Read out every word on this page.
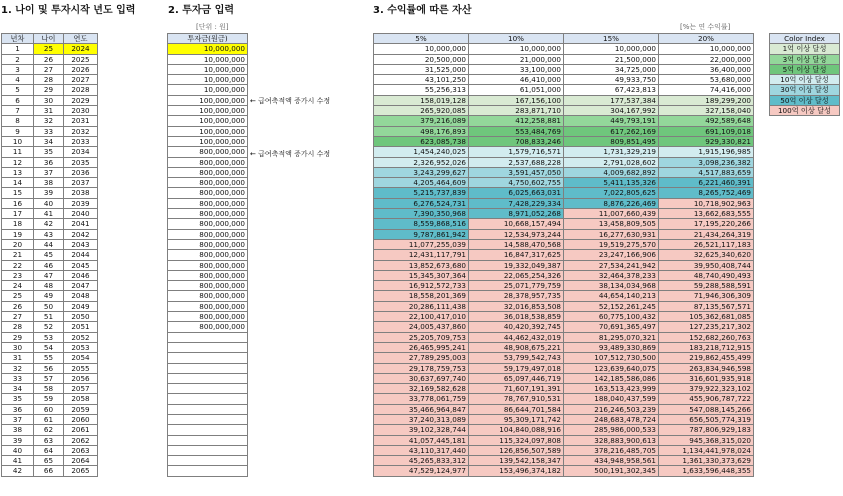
1. 나이 및 투자시작 년도 입력	2. 투자금 입력	3. 수익률에 따른 자산
[단위 : 원]	[%는 연 수익률]
년차	나이	연도
1	25	2024
2	26	2025
3	27	2026
4	28	2027
5	29	2028
6	30	2029
7	31	2030
8	32	2031
9	33	2032
10	34	2033
11	35	2034
12	36	2035
13	37	2036
14	38	2037
15	39	2038
16	40	2039
17	41	2040
18	42	2041
19	43	2042
20	44	2043
21	45	2044
22	46	2045
23	47	2046
24	48	2047
25	49	2048
26	50	2049
27	51	2050
28	52	2051
29	53	2052
30	54	2053
31	55	2054
32	56	2055
33	57	2056
34	58	2057
35	59	2058
36	60	2059
37	61	2060
38	62	2061
39	63	2062
40	64	2063
41	65	2064
42	66	2065
투자금(원금)
10,000,000
10,000,000
10,000,000
10,000,000
10,000,000
100,000,000
100,000,000
100,000,000
100,000,000
100,000,000
800,000,000
800,000,000
800,000,000
800,000,000
800,000,000
800,000,000
800,000,000
800,000,000
800,000,000
800,000,000
800,000,000
800,000,000
800,000,000
800,000,000
800,000,000
800,000,000
800,000,000
800,000,000

← 급여축적액 증가시 수정
← 급여축적액 증가시 수정
5%	10%	15%	20%
10,000,000	10,000,000	10,000,000	10,000,000
20,500,000	21,000,000	21,500,000	22,000,000
31,525,000	33,100,000	34,725,000	36,400,000
43,101,250	46,410,000	49,933,750	53,680,000
55,256,313	61,051,000	67,423,813	74,416,000
158,019,128	167,156,100	177,537,384	189,299,200
265,920,085	283,871,710	304,167,992	327,158,040
379,216,089	412,258,881	449,793,191	492,589,648
498,176,893	553,484,769	617,262,169	691,109,018
623,085,738	708,833,246	809,851,495	929,330,821
1,454,240,025	1,579,716,571	1,731,329,219	1,915,196,985
2,326,952,026	2,537,688,228	2,791,028,602	3,098,236,382
3,243,299,627	3,591,457,050	4,009,682,892	4,517,883,659
4,205,464,609	4,750,602,755	5,411,135,326	6,221,460,391
5,215,737,839	6,025,663,031	7,022,805,625	8,265,752,469
6,276,524,731	7,428,229,334	8,876,226,469	10,718,902,963
7,390,350,968	8,971,052,268	11,007,660,439	13,662,683,555
8,559,868,516	10,668,157,494	13,458,809,505	17,195,220,266
9,787,861,942	12,534,973,244	16,277,630,931	21,434,264,319
11,077,255,039	14,588,470,568	19,519,275,570	26,521,117,183
12,431,117,791	16,847,317,625	23,247,166,906	32,625,340,620
13,852,673,680	19,332,049,387	27,534,241,942	39,950,408,744
15,345,307,364	22,065,254,326	32,464,378,233	48,740,490,493
16,912,572,733	25,071,779,759	38,134,034,968	59,288,588,591
18,558,201,369	28,378,957,735	44,654,140,213	71,946,306,309
20,286,111,438	32,016,853,508	52,152,261,245	87,135,567,571
22,100,417,010	36,018,538,859	60,775,100,432	105,362,681,085
24,005,437,860	40,420,392,745	70,691,365,497	127,235,217,302
25,205,709,753	44,462,432,019	81,295,070,321	152,682,260,763
26,465,995,241	48,908,675,221	93,489,330,869	183,218,712,915
27,789,295,003	53,799,542,743	107,512,730,500	219,862,455,499
29,178,759,753	59,179,497,018	123,639,640,075	263,834,946,598
30,637,697,740	65,097,446,719	142,185,586,086	316,601,935,918
32,169,582,628	71,607,191,391	163,513,423,999	379,922,323,102
33,778,061,759	78,767,910,531	188,040,437,599	455,906,787,722
35,466,964,847	86,644,701,584	216,246,503,239	547,088,145,266
37,240,313,089	95,309,171,742	248,683,478,724	656,505,774,319
39,102,328,744	104,840,088,916	285,986,000,533	787,806,929,183
41,057,445,181	115,324,097,808	328,883,900,613	945,368,315,020
43,110,317,440	126,856,507,589	378,216,485,705	1,134,441,978,024
45,265,833,312	139,542,158,347	434,948,958,561	1,361,330,373,629
47,529,124,977	153,496,374,182	500,191,302,345	1,633,596,448,355
Color Index
1억 이상 달성
3억 이상 달성
5억 이상 달성
10억 이상 달성
30억 이상 달성
50억 이상 달성
100억 이상 달성
